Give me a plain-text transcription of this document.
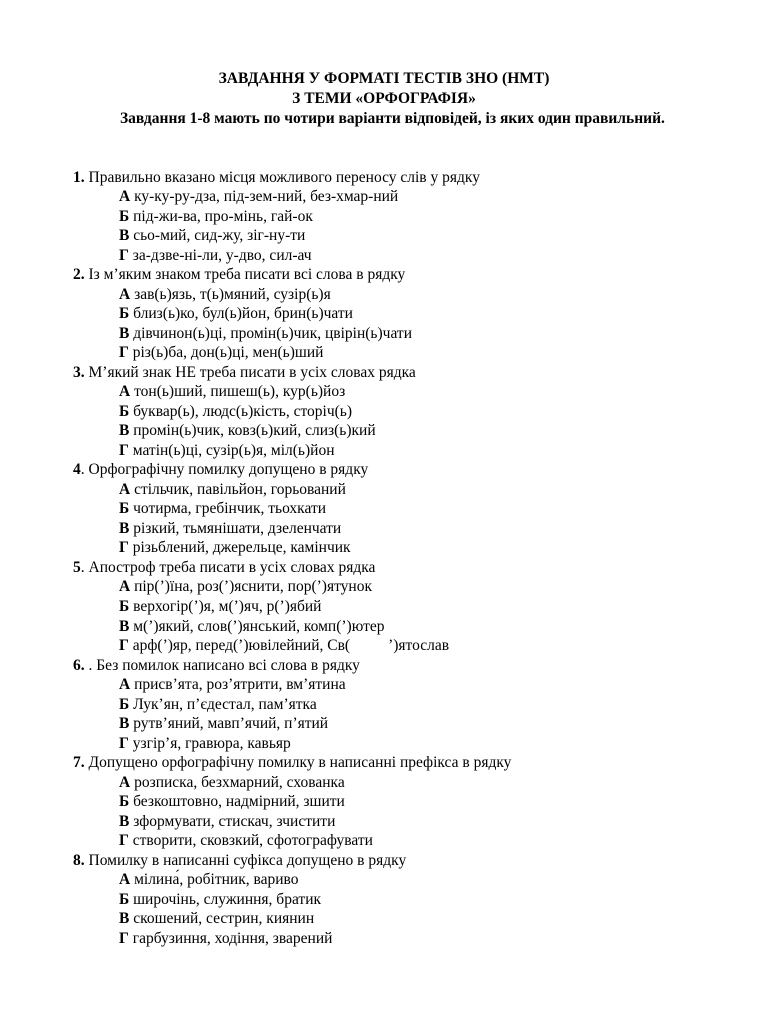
ЗАВДАННЯ У ФОРМАТІ ТЕСТІВ ЗНО (НМТ)
З ТЕМИ «ОРФОГРАФІЯ»
Завдання 1-8 мають по чотири варіанти відповідей, із яких один правильний.
1. Правильно вказано місця можливого переносу слів у рядку
А ку-ку-ру-дза, під-зем-ний, без-хмар-ний
Б під-жи-ва, про-мінь, гай-ок
В сьо-мий, сид-жу, зіг-ну-ти
Г за-дзве-ні-ли, у-дво, сил-ач
2. Із м’яким знаком треба писати всі слова в рядку
А зав(ь)язь, т(ь)мяний, сузір(ь)я
Б близ(ь)ко, бул(ь)йон, брин(ь)чати
В дівчинон(ь)ці, промін(ь)чик, цвірін(ь)чати
Г різ(ь)ба, дон(ь)ці, мен(ь)ший
3. М’який знак НЕ треба писати в усіх словах рядка
А тон(ь)ший, пишеш(ь), кур(ь)йоз
Б буквар(ь), людс(ь)кість, сторіч(ь)
В промін(ь)чик, ковз(ь)кий, слиз(ь)кий
Г матін(ь)ці, сузір(ь)я, міл(ь)йон
4. Орфографічну помилку допущено в рядку
А стільчик, павільйон, горьований
Б чотирма, гребінчик, тьохкати
В різкий, тьмянішати, дзеленчати
Г різьблений, джерельце, камінчик
5. Апостроф треба писати в усіх словах рядка
А пір(’)їна, роз(’)яснити, пор(’)ятунок
Б верхогір(’)я, м(’)яч, р(’)ябий
В м(’)який, слов(’)янський, комп(’)ютер
Г арф(’)яр, перед(’)ювілейний, Св( ’)ятослав
6. . Без помилок написано всі слова в рядку
А присв’ята, роз’ятрити, вм’ятина
Б Лук’ян, п’єдестал, пам’ятка
В рутв’яний, мавп’ячий, п’ятий
Г узгір’я, гравюра, кавьяр
7. Допущено орфографічну помилку в написанні префікса в рядку
А розписка, безхмарний, схованка
Б безкоштовно, надмірний, зшити
В зформувати, стискач, зчистити
Г створити, сковзкий, сфотографувати
8. Помилку в написанні суфікса допущено в рядку
А мілина́, робітник, вариво
Б широчінь, служиння, братик
В скошений, сестрин, киянин
Г гарбузиння, ходіння, зварений
